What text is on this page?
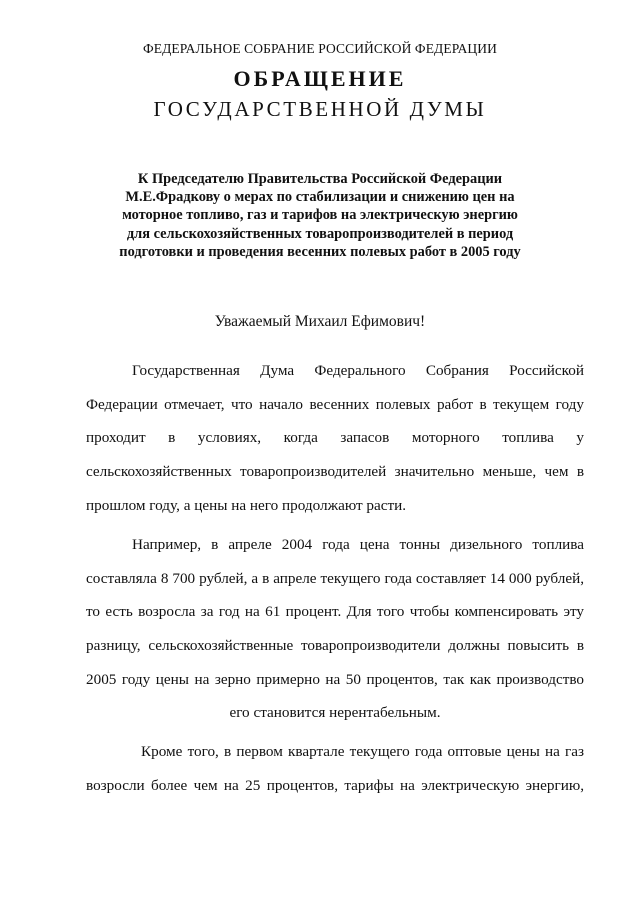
ФЕДЕРАЛЬНОЕ СОБРАНИЕ РОССИЙСКОЙ ФЕДЕРАЦИИ
ОБРАЩЕНИЕ
ГОСУДАРСТВЕННОЙ ДУМЫ
К Председателю Правительства Российской Федерации
М.Е.Фрадкову о мерах по стабилизации и снижению цен на
моторное топливо, газ и тарифов на электрическую энергию
для сельскохозяйственных товаропроизводителей в период
подготовки и проведения весенних полевых работ в 2005 году
Уважаемый Михаил Ефимович!
Государственная Дума Федерального Собрания Российской
Федерации отмечает, что начало весенних полевых работ в текущем году
проходит в условиях, когда запасов моторного топлива у
сельскохозяйственных товаропроизводителей значительно меньше, чем в
прошлом году, а цены на него продолжают расти.
Например, в апреле 2004 года цена тонны дизельного топлива
составляла 8 700 рублей, а в апреле текущего года составляет 14 000 рублей,
то есть возросла за год на 61 процент. Для того чтобы компенсировать эту
разницу, сельскохозяйственные товаропроизводители должны повысить в
2005 году цены на зерно примерно на 50 процентов, так как производство
его становится нерентабельным.
Кроме того, в первом квартале текущего года оптовые цены на газ
возросли более чем на 25 процентов, тарифы на электрическую энергию,
